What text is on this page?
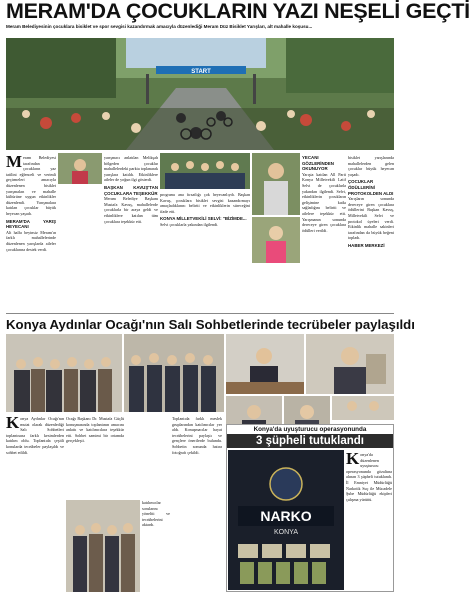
MERAM'DA ÇOCUKLARIN YAZI NEŞELİ GEÇTİ
Meram Belediyesinin çocuklara bisiklet ve spor sevgisi kazandırmak amacıyla düzenlediği Meram Düz Bisiklet Yarışları, alt mahalle koşusu...
START
M eram Belediyesi tarafından çocukların yaz tatilini eğlenceli ve verimli geçirmeleri amacıyla düzenlenen bisiklet yarışmaları ve mahalle kültürüne uygun etkinlikler düzenlendi. Yarışmalara katılan çocuklar büyük heyecan yaşadı.
MERAM'DA YARIŞ HEYECANI
Alt halfa beyinsiz Meram'ın farklı mahallelerinde düzenlenen yarışlarda aileler çocuklarına destek verdi.
yarışmacı anlatılan Melikşah bölgeden çocuklar mahallelerdeki parkta toplanarak yarışlara katıldı. Etkinliklere aileler de yoğun ilgi gösterdi.
BAŞKAN KAVUŞ'TAN ÇOCUKLARA TEŞEKKÜR
Meram Belediye Başkanı Mustafa Kavuş, mahallelerde çocuklarla bir araya geldi ve etkinliklere katılan tüm çocuklara teşekkür etti.
programı ana fırsatlığı çok heyecanlıydı. Başkan Kavuş, çocuklara bisiklet sevgisi kazandırmayı amaçladıklarını belirtti ve etkinliklerin süreceğini ifade etti.
KONYA MİLLETVEKİLİ SELVİ: "BİZİMDE...
Selvi çocuklarla yakından ilgilendi.
YECANI GÖZLERİNDEN OKUNUYOR
Yarışta katılan All Parti Konya Milletvekili Latif Selvi de çocuklarla yakından ilgilendi. Selvi, etkinliklerin çocukların gelişimine katkı sağladığını belirtti ve ailelere teşekkür etti. Yarışmanın sonunda dereceye giren çocuklara ödülleri verildi.
bisiklet yarışlarında mahallelerden gelen çocuklar büyük heyecan yaşadı.
ÇOCUKLAR ÖDÜLLERİNİ PROTOKOLDEN ALDI
Yarışların sonunda dereceye giren çocuklara ödüllerini Başkan Kavuş, Milletvekili Selvi ve protokol üyeleri verdi. Etkinlik mahalle sakinleri tarafından da büyük beğeni topladı.
HABER MERKEZİ
Konya Aydınlar Ocağı'nın Salı Sohbetlerinde tecrübeler paylaşıldı
K onya Aydınlar Ocağı'nın mutat olarak düzenlediği Salı Sohbetleri toplantısına farklı kesimlerden katılım oldu. Toplantıda çeşitli konularda tecrübeler paylaşıldı ve sohbet edildi.
Ocağı Başkanı Dr. Mustafa Güçlü konuşmasında toplantının amacını anlattı ve katılımcılara teşekkür etti. Sohbet samimi bir ortamda gerçekleşti.
katılımcılar sorularını yöneltti ve tecrübelerini aktardı.
Toplantıda farklı meslek gruplarından katılımcılar yer aldı. Konuşmacılar hayat tecrübelerini paylaştı ve gençlere önerilerde bulundu. Sohbetin sonunda hatıra fotoğrafı çekildi.
Konya'da uyuşturucu operasyonunda
3 şüpheli tutuklandı
NARKO
KONYA
K onya'da düzenlenen uyuşturucu operasyonunda gözaltına alınan 3 şüpheli tutuklandı. İl Emniyet Müdürlüğü Narkotik Suç ile Mücadele Şube Müdürlüğü ekipleri çalışma yürüttü.
